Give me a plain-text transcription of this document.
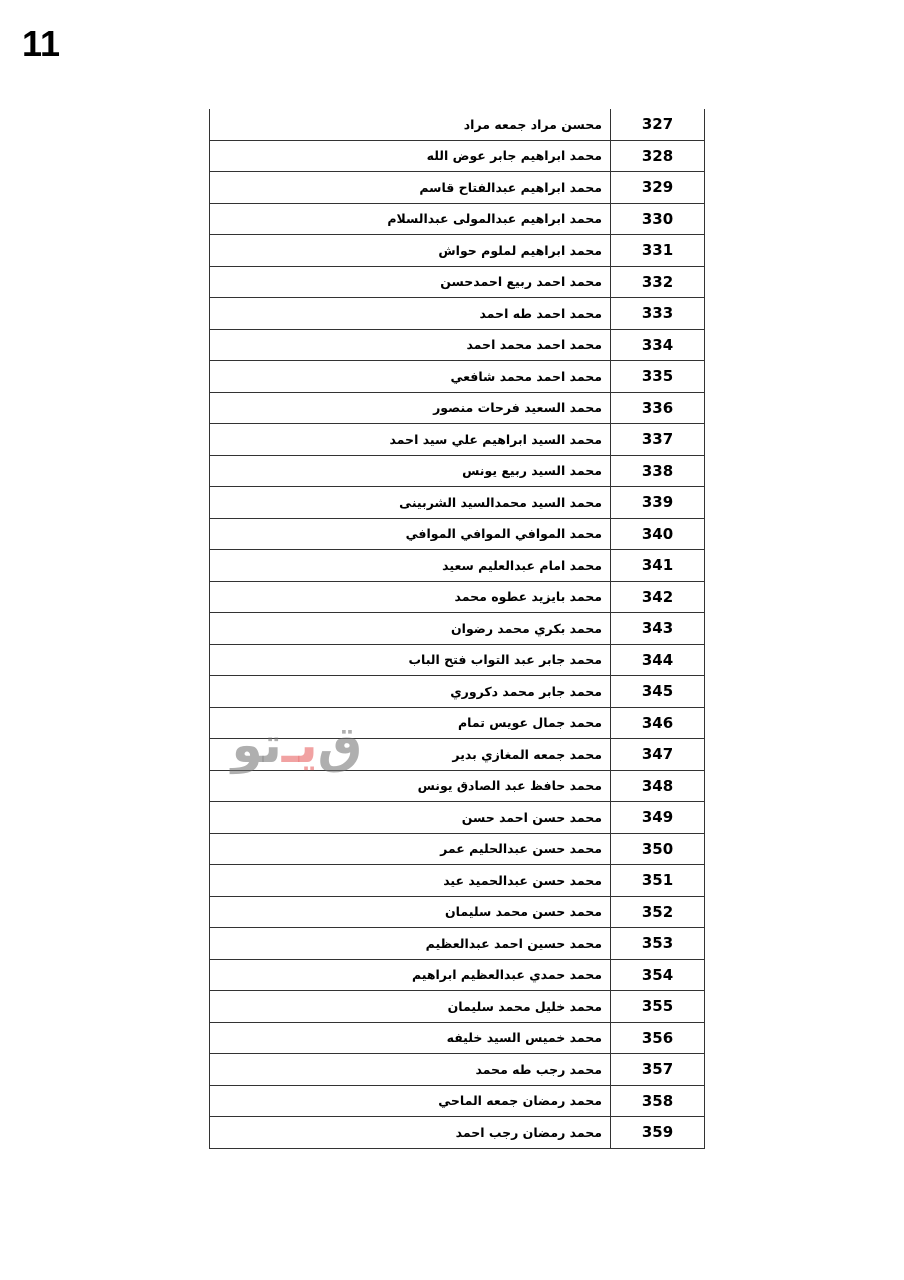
11
محسن مراد جمعه مراد	327
محمد ابراهيم جابر عوض الله	328
محمد ابراهيم عبدالفتاح قاسم	329
محمد ابراهيم عبدالمولى عبدالسلام	330
محمد ابراهيم لملوم حواش	331
محمد احمد ربيع احمدحسن	332
محمد احمد طه احمد	333
محمد احمد محمد احمد	334
محمد احمد محمد شافعي	335
محمد السعيد فرحات منصور	336
محمد السيد ابراهيم علي سيد احمد	337
محمد السيد ربيع يونس	338
محمد السيد محمدالسيد الشربينى	339
محمد الموافي الموافي الموافي	340
محمد امام عبدالعليم سعيد	341
محمد بايزيد عطوه محمد	342
محمد بكري محمد رضوان	343
محمد جابر عبد التواب فتح الباب	344
محمد جابر محمد دكروري	345
محمد جمال عويس تمام	346
محمد جمعه المغازي بدير	347
محمد حافظ عبد الصادق يونس	348
محمد حسن احمد حسن	349
محمد حسن عبدالحليم عمر	350
محمد حسن عبدالحميد عيد	351
محمد حسن محمد سليمان	352
محمد حسين احمد عبدالعظيم	353
محمد حمدي عبدالعظيم ابراهيم	354
محمد خليل محمد سليمان	355
محمد خميس السيد خليفه	356
محمد رجب طه محمد	357
محمد رمضان جمعه الماحي	358
محمد رمضان رجب احمد	359
ق
يـ
تو
